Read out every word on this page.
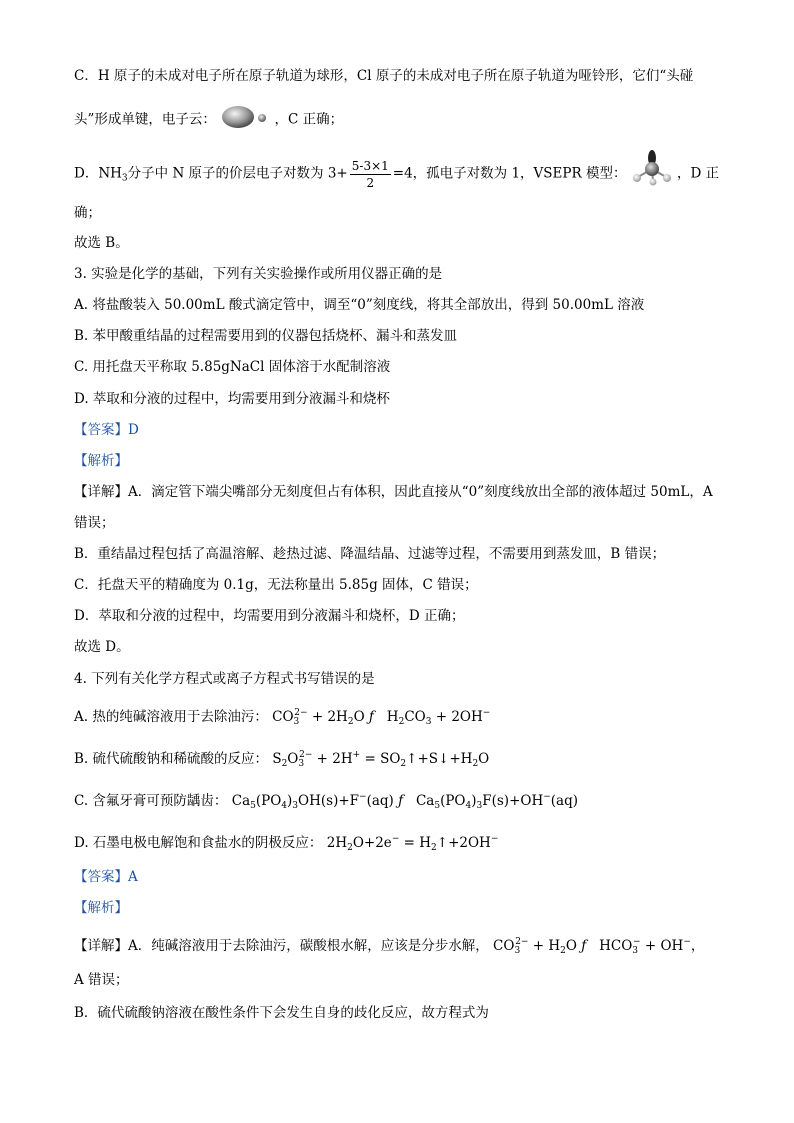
C．H 原子的未成对电子所在原子轨道为球形，Cl 原子的未成对电子所在原子轨道为哑铃形，它们“头碰
头”形成单键，电子云：	，C 正确；
D．$NH_3$分子中 N 原子的价层电子对数为 $3+ \frac{5-3\times 1}{2} =4$，孤电子对数为 1，VSEPR 模型：	，D 正
确；
故选 B。
3. 实验是化学的基础，下列有关实验操作或所用仪器正确的是
A. 将盐酸装入 50.00mL 酸式滴定管中，调至“0”刻度线，将其全部放出，得到 50.00mL 溶液
B. 苯甲酸重结晶的过程需要用到的仪器包括烧杯、漏斗和蒸发皿
C. 用托盘天平称取 5.85gNaCl 固体溶于水配制溶液
D. 萃取和分液的过程中，均需要用到分液漏斗和烧杯
【答案】D
【解析】
【详解】A．滴定管下端尖嘴部分无刻度但占有体积，因此直接从“0”刻度线放出全部的液体超过 50mL，A
错误；
B．重结晶过程包括了高温溶解、趁热过滤、降温结晶、过滤等过程，不需要用到蒸发皿，B 错误；
C．托盘天平的精确度为 0.1g，无法称量出 5.85g 固体，C 错误；
D．萃取和分液的过程中，均需要用到分液漏斗和烧杯，D 正确；
故选 D。
4. 下列有关化学方程式或离子方程式书写错误的是
A. 热的纯碱溶液用于去除油污： $CO_3^{2-} + 2H_2O$ ƒ   $H_2CO_3 + 2OH^-$
B. 硫代硫酸钠和稀硫酸的反应： $S_2O_3^{2-} + 2H^+$ = $SO_2↑+S↓+H_2O$
C. 含氟牙膏可预防龋齿： $Ca_5(PO_4)_3OH(s)+F^-(aq)$ ƒ   $Ca_5(PO_4)_3F(s)+OH^-(aq)$
D. 石墨电极电解饱和食盐水的阴极反应： $2H_2O+2e^-$ = $H_2↑+2OH^-$
【答案】A
【解析】
【详解】A．纯碱溶液用于去除油污，碳酸根水解，应该是分步水解， $CO_3^{2-} + H_2O$ ƒ   $HCO_3^- + OH^-$，
A 错误；
B．硫代硫酸钠溶液在酸性条件下会发生自身的歧化反应，故方程式为
